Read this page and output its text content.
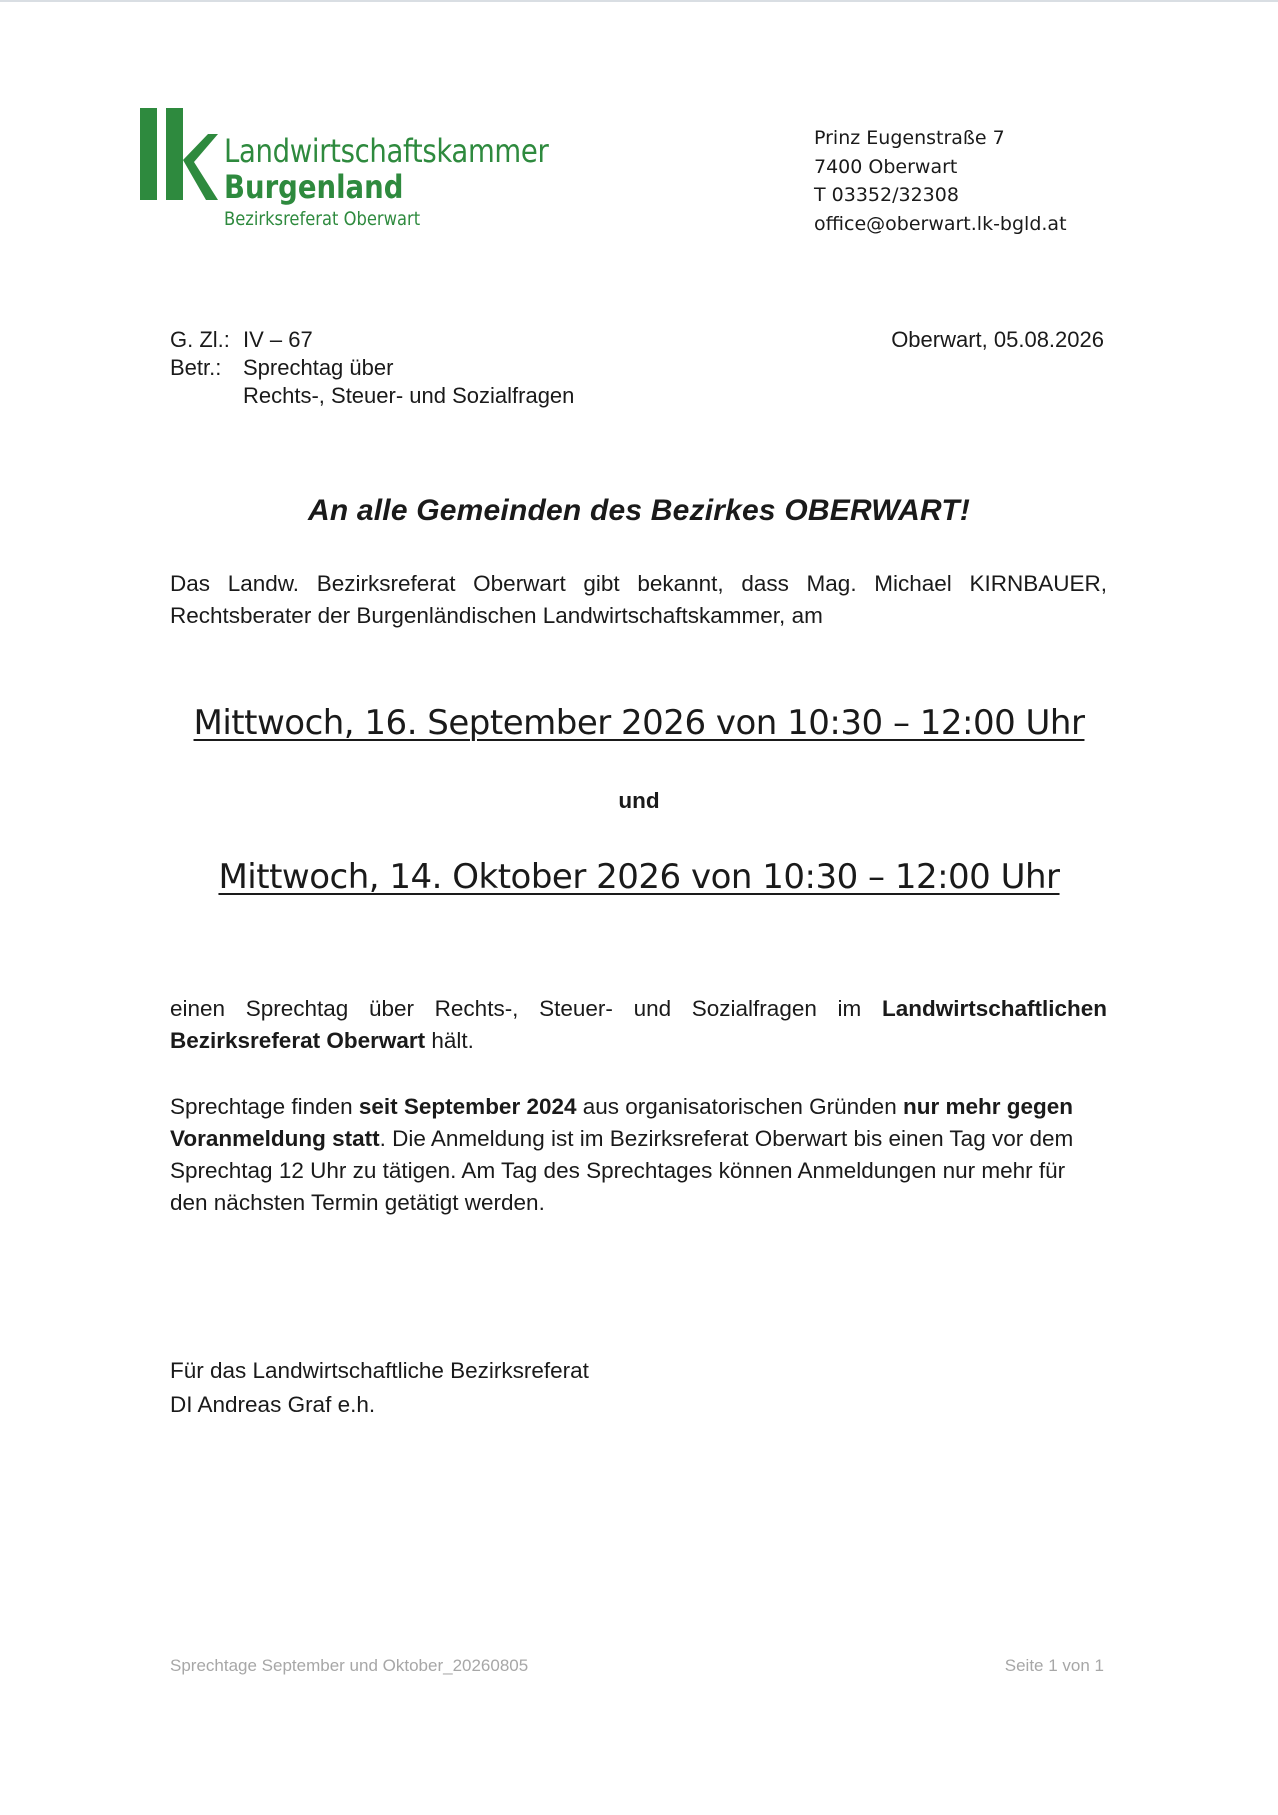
Landwirtschaftskammer
Burgenland
Bezirksreferat Oberwart
Prinz Eugenstraße 7
7400 Oberwart
T 03352/32308
office@oberwart.lk-bgld.at
G. Zl.: IV – 67
Betr.: Sprechtag über
Rechts-, Steuer- und Sozialfragen
Oberwart, 05.08.2026
An alle Gemeinden des Bezirkes OBERWART!
Das Landw. Bezirksreferat Oberwart gibt bekannt, dass Mag. Michael KIRNBAUER, Rechtsberater der Burgenländischen Landwirtschaftskammer, am
Mittwoch, 16. September 2026 von 10:30 – 12:00 Uhr
und
Mittwoch, 14. Oktober 2026 von 10:30 – 12:00 Uhr
einen Sprechtag über Rechts-, Steuer- und Sozialfragen im Landwirtschaftlichen Bezirksreferat Oberwart hält.
Sprechtage finden seit September 2024 aus organisatorischen Gründen nur mehr gegen Voranmeldung statt. Die Anmeldung ist im Bezirksreferat Oberwart bis einen Tag vor dem Sprechtag 12 Uhr zu tätigen. Am Tag des Sprechtages können Anmeldungen nur mehr für den nächsten Termin getätigt werden.
Für das Landwirtschaftliche Bezirksreferat
DI Andreas Graf e.h.
Sprechtage September und Oktober_20260805	Seite 1 von 1
